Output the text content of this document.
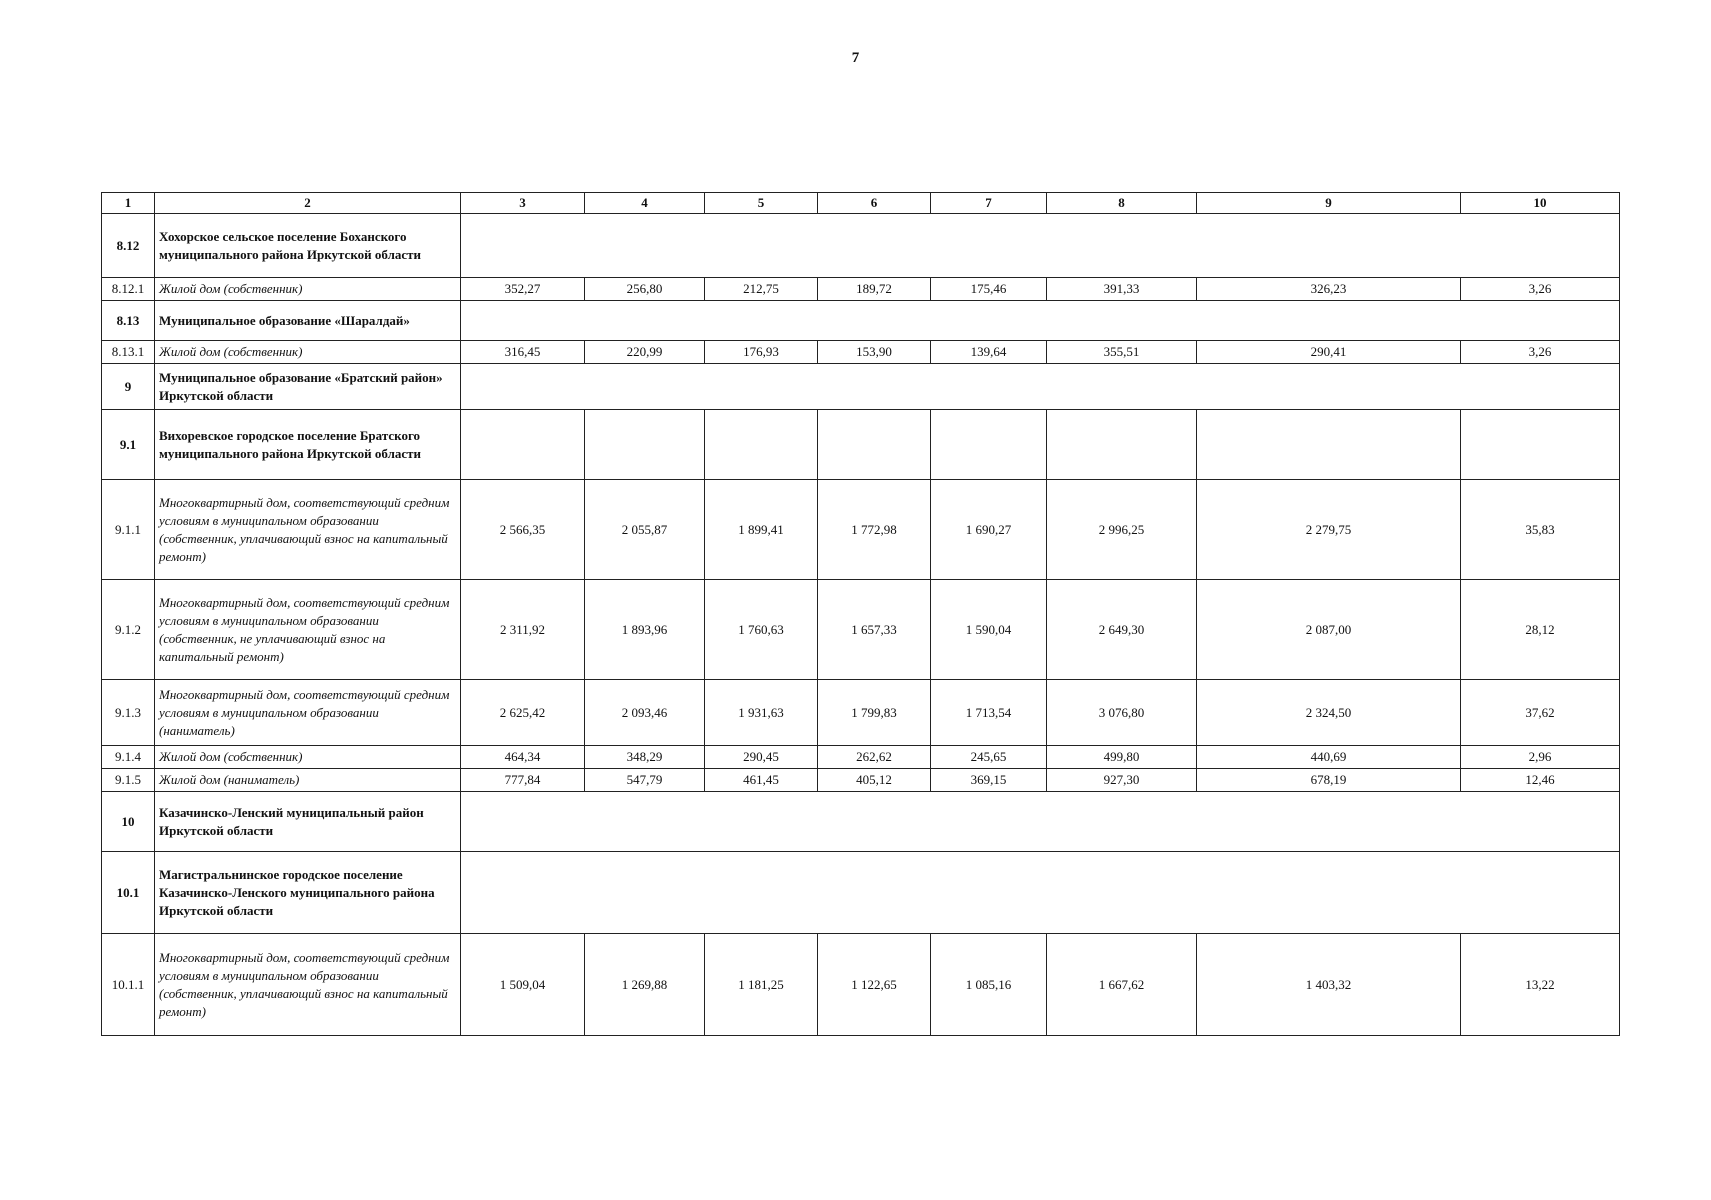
7
1	2	3	4	5	6	7	8	9	10
8.12	Хохорское сельское поселение Боханского муниципального района Иркутской области								
8.12.1	Жилой дом (собственник)	352,27	256,80	212,75	189,72	175,46	391,33	326,23	3,26
8.13	Муниципальное образование «Шаралдай»								
8.13.1	Жилой дом (собственник)	316,45	220,99	176,93	153,90	139,64	355,51	290,41	3,26
9	Муниципальное образование «Братский район» Иркутской области								
9.1	Вихоревское городское поселение Братского муниципального района Иркутской области								
9.1.1	Многоквартирный дом, соответствующий средним условиям в муниципальном образовании (собственник, уплачивающий взнос на капитальный ремонт)	2 566,35	2 055,87	1 899,41	1 772,98	1 690,27	2 996,25	2 279,75	35,83
9.1.2	Многоквартирный дом, соответствующий средним условиям в муниципальном образовании (собственник, не уплачивающий взнос на капитальный ремонт)	2 311,92	1 893,96	1 760,63	1 657,33	1 590,04	2 649,30	2 087,00	28,12
9.1.3	Многоквартирный дом, соответствующий средним условиям в муниципальном образовании (наниматель)	2 625,42	2 093,46	1 931,63	1 799,83	1 713,54	3 076,80	2 324,50	37,62
9.1.4	Жилой дом (собственник)	464,34	348,29	290,45	262,62	245,65	499,80	440,69	2,96
9.1.5	Жилой дом (наниматель)	777,84	547,79	461,45	405,12	369,15	927,30	678,19	12,46
10	Казачинско-Ленский муниципальный район Иркутской области								
10.1	Магистральнинское городское поселение Казачинско-Ленского муниципального района Иркутской области								
10.1.1	Многоквартирный дом, соответствующий средним условиям в муниципальном образовании (собственник, уплачивающий взнос на капитальный ремонт)	1 509,04	1 269,88	1 181,25	1 122,65	1 085,16	1 667,62	1 403,32	13,22
